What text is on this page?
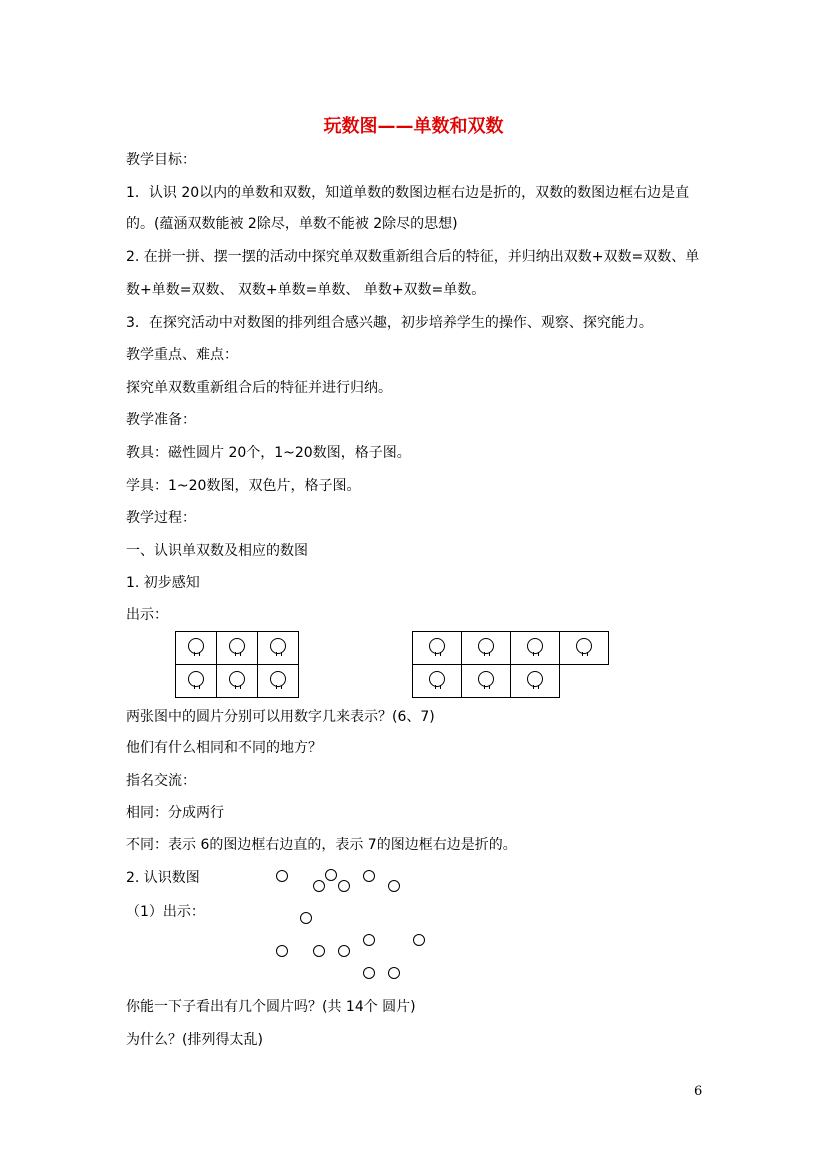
玩数图——单数和双数
教学目标：
1．认识 20以内的单数和双数，知道单数的数图边框右边是折的，双数的数图边框右边是直
的。(蕴涵双数能被 2除尽，单数不能被 2除尽的思想)
2. 在拼一拼、摆一摆的活动中探究单双数重新组合后的特征，并归纳出双数+双数=双数、单
数+单数=双数、 双数+单数=单数、 单数+双数=单数。
3．在探究活动中对数图的排列组合感兴趣，初步培养学生的操作、观察、探究能力。
教学重点、难点：
探究单双数重新组合后的特征并进行归纳。
教学准备：
教具：磁性圆片 20个，1~20数图，格子图。
学具：1~20数图，双色片，格子图。
教学过程：
一、认识单双数及相应的数图
1. 初步感知
出示：

两张图中的圆片分别可以用数字几来表示？(6、7)
他们有什么相同和不同的地方？
指名交流：
相同：分成两行
不同：表示 6的图边框右边直的，表示 7的图边框右边是折的。
2. 认识数图
（1）出示：
你能一下子看出有几个圆片吗？(共 14个 圆片)
为什么？(排列得太乱)
6
